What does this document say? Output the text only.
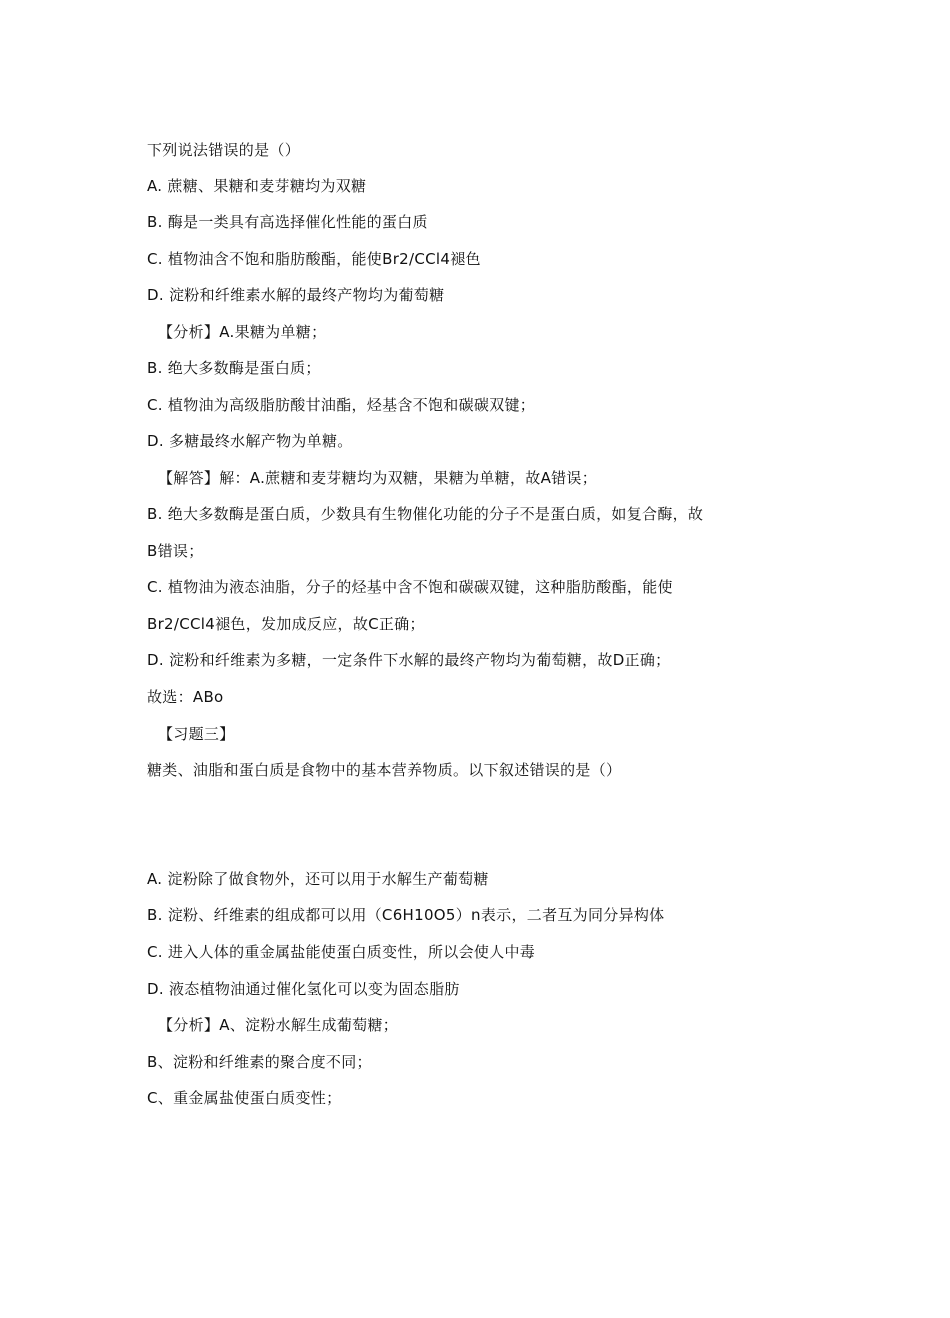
下列说法错误的是（）
A. 蔗糖、果糖和麦芽糖均为双糖
B. 酶是一类具有高选择催化性能的蛋白质
C. 植物油含不饱和脂肪酸酯，能使Br2/CCl4褪色
D. 淀粉和纤维素水解的最终产物均为葡萄糖
【分析】A.果糖为单糖；
B. 绝大多数酶是蛋白质；
C. 植物油为高级脂肪酸甘油酯，烃基含不饱和碳碳双键；
D. 多糖最终水解产物为单糖。
【解答】解：A.蔗糖和麦芽糖均为双糖，果糖为单糖，故A错误；
B. 绝大多数酶是蛋白质，少数具有生物催化功能的分子不是蛋白质，如复合酶，故
B错误；
C. 植物油为液态油脂，分子的烃基中含不饱和碳碳双键，这种脂肪酸酯，能使
Br2/CCl4褪色，发加成反应，故C正确；
D. 淀粉和纤维素为多糖，一定条件下水解的最终产物均为葡萄糖，故D正确；
故选：ABo
【习题三】
糖类、油脂和蛋白质是食物中的基本营养物质。以下叙述错误的是（）
A. 淀粉除了做食物外，还可以用于水解生产葡萄糖
B. 淀粉、纤维素的组成都可以用（C6H10O5）n表示，二者互为同分异构体
C. 进入人体的重金属盐能使蛋白质变性，所以会使人中毒
D. 液态植物油通过催化氢化可以变为固态脂肪
【分析】A、淀粉水解生成葡萄糖；
B、淀粉和纤维素的聚合度不同；
C、重金属盐使蛋白质变性；
